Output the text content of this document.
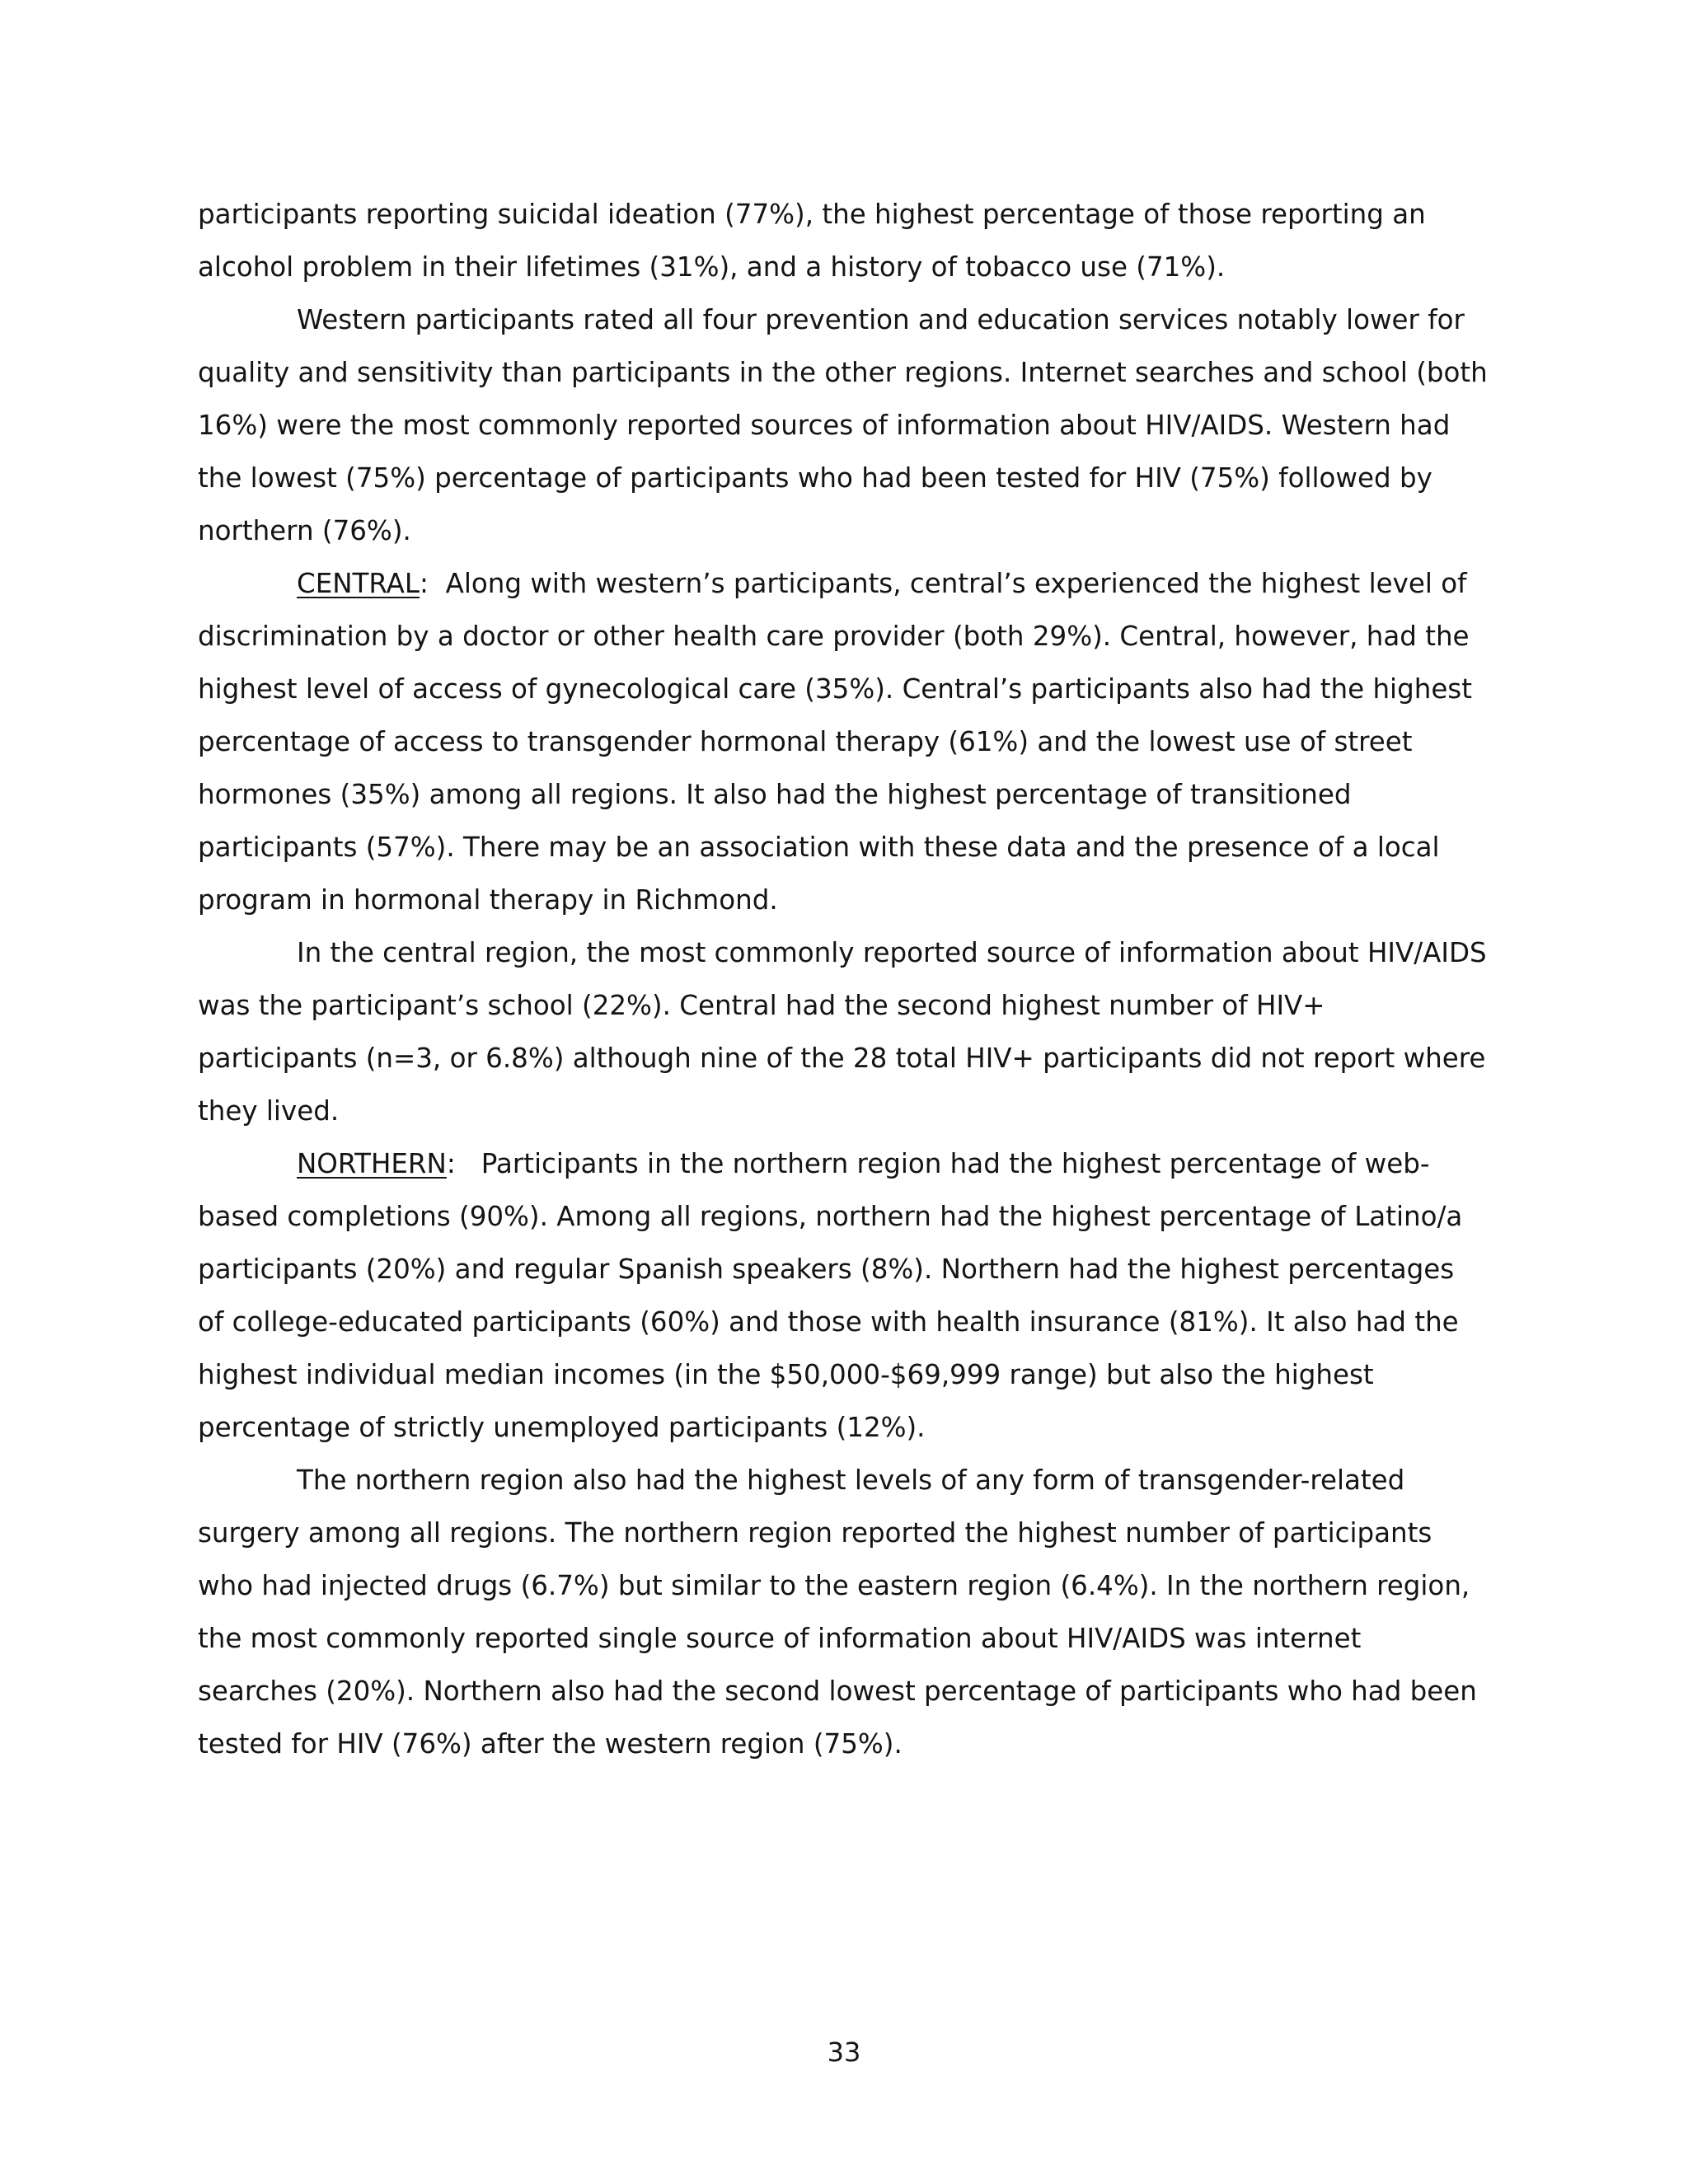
participants reporting suicidal ideation (77%), the highest percentage of those reporting an alcohol problem in their lifetimes (31%), and a history of tobacco use (71%).

Western participants rated all four prevention and education services notably lower for quality and sensitivity than participants in the other regions. Internet searches and school (both 16%) were the most commonly reported sources of information about HIV/AIDS. Western had the lowest (75%) percentage of participants who had been tested for HIV (75%) followed by northern (76%).

CENTRAL:  Along with western’s participants, central’s experienced the highest level of discrimination by a doctor or other health care provider (both 29%). Central, however, had the highest level of access of gynecological care (35%). Central’s participants also had the highest percentage of access to transgender hormonal therapy (61%) and the lowest use of street hormones (35%) among all regions. It also had the highest percentage of transitioned participants (57%). There may be an association with these data and the presence of a local program in hormonal therapy in Richmond.

In the central region, the most commonly reported source of information about HIV/AIDS was the participant’s school (22%). Central had the second highest number of HIV+ participants (n=3, or 6.8%) although nine of the 28 total HIV+ participants did not report where they lived.

NORTHERN:   Participants in the northern region had the highest percentage of web-based completions (90%). Among all regions, northern had the highest percentage of Latino/a participants (20%) and regular Spanish speakers (8%). Northern had the highest percentages of college-educated participants (60%) and those with health insurance (81%). It also had the highest individual median incomes (in the $50,000-$69,999 range) but also the highest percentage of strictly unemployed participants (12%).

The northern region also had the highest levels of any form of transgender-related surgery among all regions. The northern region reported the highest number of participants who had injected drugs (6.7%) but similar to the eastern region (6.4%). In the northern region, the most commonly reported single source of information about HIV/AIDS was internet searches (20%). Northern also had the second lowest percentage of participants who had been tested for HIV (76%) after the western region (75%).

33
